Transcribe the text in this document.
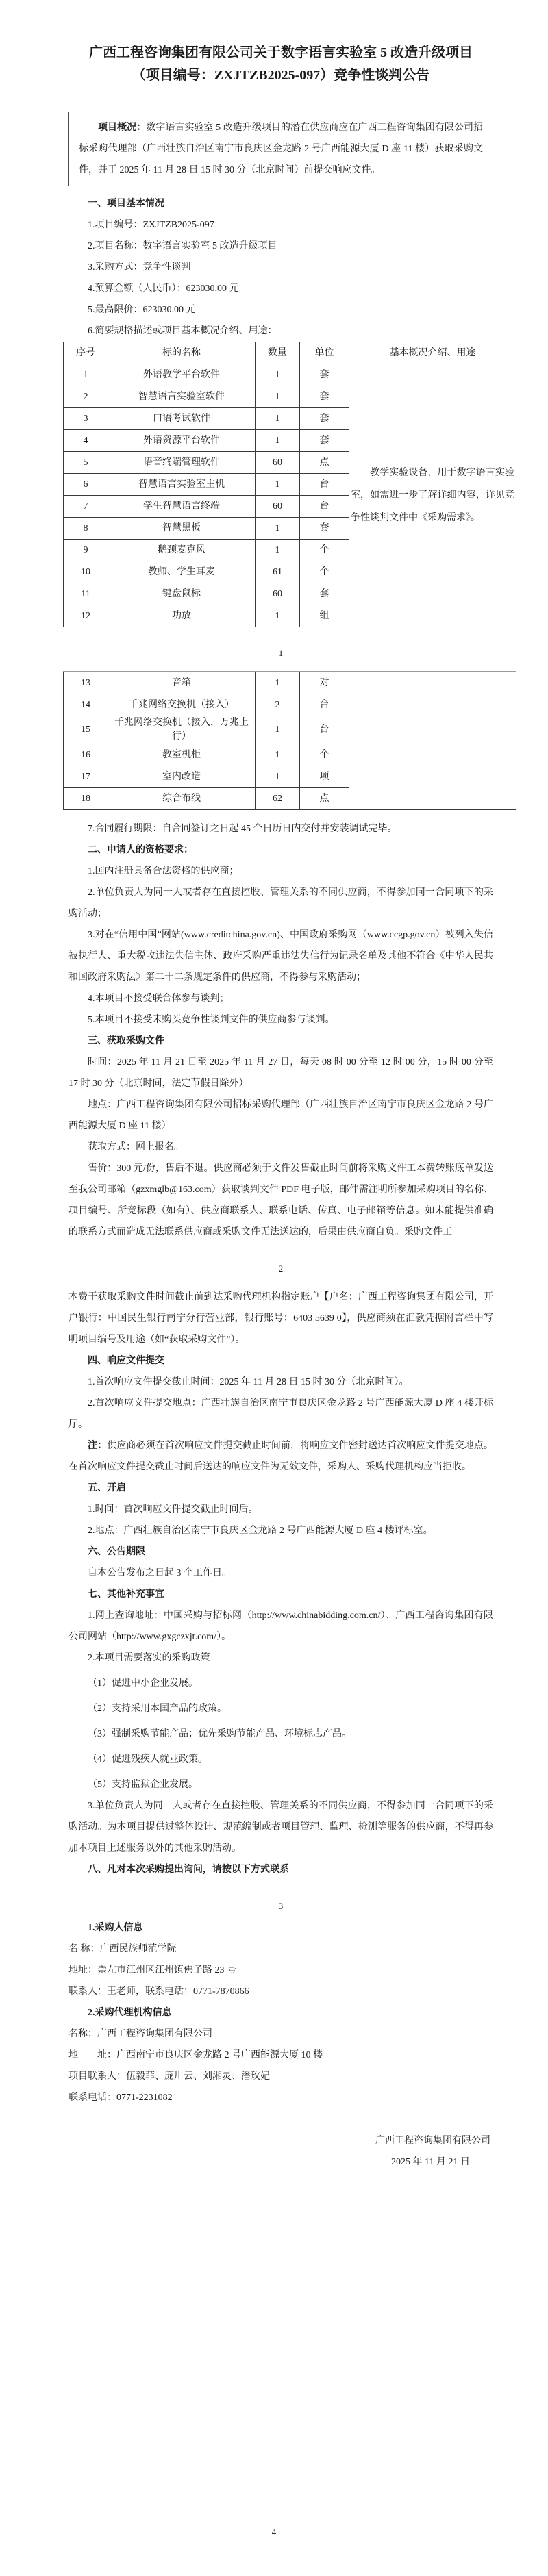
广西工程咨询集团有限公司关于数字语言实验室 5 改造升级项目
（项目编号：ZXJTZB2025-097）竞争性谈判公告

项目概况：数字语言实验室 5 改造升级项目的潜在供应商应在广西工程咨询集团有限公司招标采购代理部（广西壮族自治区南宁市良庆区金龙路 2 号广西能源大厦 D 座 11 楼）获取采购文件，并于 2025 年 11 月 28 日 15 时 30 分（北京时间）前提交响应文件。

一、项目基本情况

1.项目编号：ZXJTZB2025-097

2.项目名称：数字语言实验室 5 改造升级项目

3.采购方式：竞争性谈判

4.预算金额（人民币）：623030.00 元

5.最高限价：623030.00 元

6.简要规格描述或项目基本概况介绍、用途：

序号	标的名称	数量	单位	基本概况介绍、用途
1	外语教学平台软件	1	套	教学实验设备，用于数字语言实验室，如需进一步了解详细内容，详见竞争性谈判文件中《采购需求》。

2	智慧语言实验室软件	1	套	
3	口语考试软件	1	套	
4	外语资源平台软件	1	套	
5	语音终端管理软件	60	点	
6	智慧语言实验室主机	1	台	
7	学生智慧语言终端	60	台	
8	智慧黑板	1	套	
9	鹅颈麦克风	1	个	
10	教师、学生耳麦	61	个	
11	键盘鼠标	60	套	
12	功放	1	组	

1

13	音箱	1	对	
14	千兆网络交换机（接入）	2	台	
15	千兆网络交换机（接入，万兆上行）	1	台	
16	教室机柜	1	个	
17	室内改造	1	项	
18	综合布线	62	点	

7.合同履行期限：自合同签订之日起 45 个日历日内交付并安装调试完毕。

二、申请人的资格要求：

1.国内注册具备合法资格的供应商；

2.单位负责人为同一人或者存在直接控股、管理关系的不同供应商，不得参加同一合同项下的采购活动；

3.对在“信用中国”网站(www.creditchina.gov.cn)、中国政府采购网（www.ccgp.gov.cn）被列入失信被执行人、重大税收违法失信主体、政府采购严重违法失信行为记录名单及其他不符合《中华人民共和国政府采购法》第二十二条规定条件的供应商，不得参与采购活动；

4.本项目不接受联合体参与谈判；

5.本项目不接受未购买竞争性谈判文件的供应商参与谈判。

三、获取采购文件

时间：2025 年 11 月 21 日至 2025 年 11 月 27 日，每天 08 时 00 分至 12 时 00 分，15 时 00 分至 17 时 30 分（北京时间，法定节假日除外）

地点：广西工程咨询集团有限公司招标采购代理部（广西壮族自治区南宁市良庆区金龙路 2 号广西能源大厦 D 座 11 楼）

获取方式：网上报名。

售价：300 元/份，售后不退。供应商必须于文件发售截止时间前将采购文件工本费转账底单发送至我公司邮箱（gzxmglb@163.com）获取谈判文件 PDF 电子版，邮件需注明所参加采购项目的名称、项目编号、所竞标段（如有）、供应商联系人、联系电话、传真、电子邮箱等信息。如未能提供准确的联系方式而造成无法联系供应商或采购文件无法送达的，后果由供应商自负。采购文件工

2

本费于获取采购文件时间截止前到达采购代理机构指定账户【户名：广西工程咨询集团有限公司，开户银行：中国民生银行南宁分行营业部，银行账号：6403 5639 0】，供应商须在汇款凭据附言栏中写明项目编号及用途（如“获取采购文件”）。

四、响应文件提交

1.首次响应文件提交截止时间：2025 年 11 月 28 日 15 时 30 分（北京时间）。

2.首次响应文件提交地点：广西壮族自治区南宁市良庆区金龙路 2 号广西能源大厦 D 座 4 楼开标厅。

注：供应商必须在首次响应文件提交截止时间前，将响应文件密封送达首次响应文件提交地点。在首次响应文件提交截止时间后送达的响应文件为无效文件，采购人、采购代理机构应当拒收。

五、开启

1.时间：首次响应文件提交截止时间后。

2.地点：广西壮族自治区南宁市良庆区金龙路 2 号广西能源大厦 D 座 4 楼评标室。

六、公告期限

自本公告发布之日起 3 个工作日。

七、其他补充事宜

1.网上查询地址：中国采购与招标网（http://www.chinabidding.com.cn/）、广西工程咨询集团有限公司网站（http://www.gxgczxjt.com/）。

2.本项目需要落实的采购政策

（1）促进中小企业发展。

（2）支持采用本国产品的政策。

（3）强制采购节能产品；优先采购节能产品、环境标志产品。

（4）促进残疾人就业政策。

（5）支持监狱企业发展。

3.单位负责人为同一人或者存在直接控股、管理关系的不同供应商，不得参加同一合同项下的采购活动。为本项目提供过整体设计、规范编制或者项目管理、监理、检测等服务的供应商，不得再参加本项目上述服务以外的其他采购活动。

八、凡对本次采购提出询问，请按以下方式联系

3

1.采购人信息

名 称：广西民族师范学院

地址：崇左市江州区江州镇佛子路 23 号

联系人：王老师，联系电话：0771-7870866

2.采购代理机构信息

名称：广西工程咨询集团有限公司

地　　址：广西南宁市良庆区金龙路 2 号广西能源大厦 10 楼

项目联系人：伍毅菲、庞川云、刘湘灵、潘玫妃

联系电话：0771-2231082

广西工程咨询集团有限公司

2025 年 11 月 21 日

4
